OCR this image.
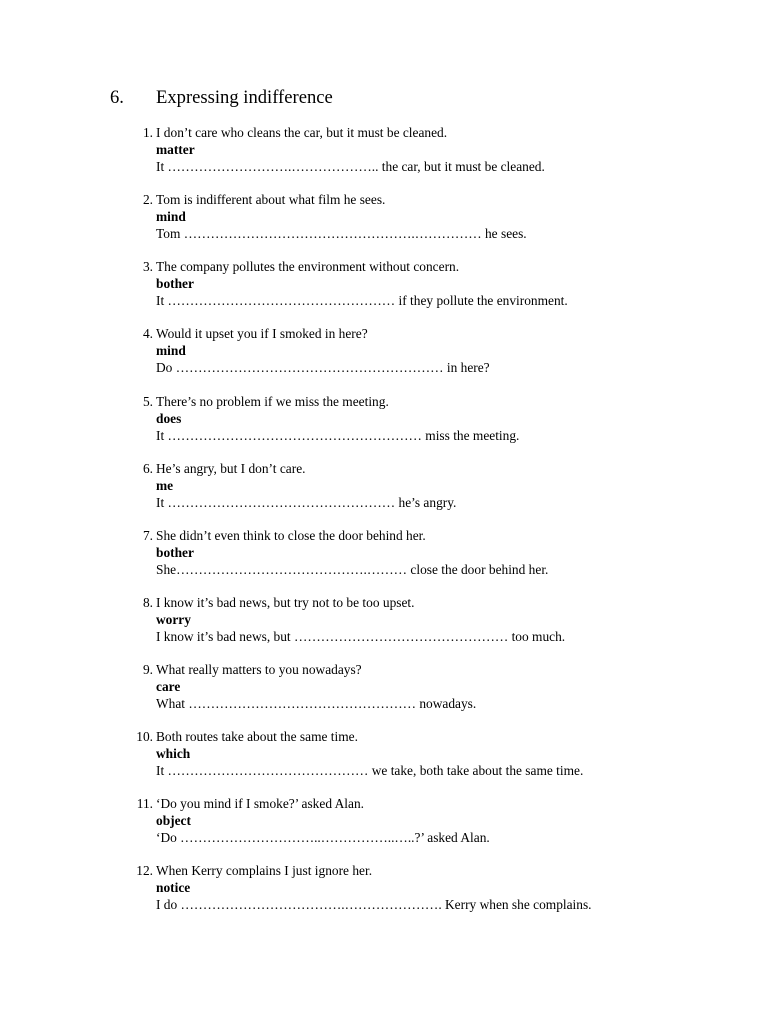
6. Expressing indifference
1. I don’t care who cleans the car, but it must be cleaned.
matter
It ……………………….……………….. the car, but it must be cleaned.
2. Tom is indifferent about what film he sees.
mind
Tom …………………………………………….…………… he sees.
3. The company pollutes the environment without concern.
bother
It …………………………………………… if they pollute the environment.
4. Would it upset you if I smoked in here?
mind
Do …………………………………………………… in here?
5. There’s no problem if we miss the meeting.
does
It ………………………………………………… miss the meeting.
6. He’s angry, but I don’t care.
me
It …………………………………………… he’s angry.
7. She didn’t even think to close the door behind her.
bother
She…………………………………….……… close the door behind her.
8. I know it’s bad news, but try not to be too upset.
worry
I know it’s bad news, but ………………………………………… too much.
9. What really matters to you nowadays?
care
What …………………………………………… nowadays.
10. Both routes take about the same time.
which
It ……………………………………… we take, both take about the same time.
11. ‘Do you mind if I smoke?’ asked Alan.
object
‘Do …………………………..……………..…..?’ asked Alan.
12. When Kerry complains I just ignore her.
notice
I do ……………………………….…………………. Kerry when she complains.
